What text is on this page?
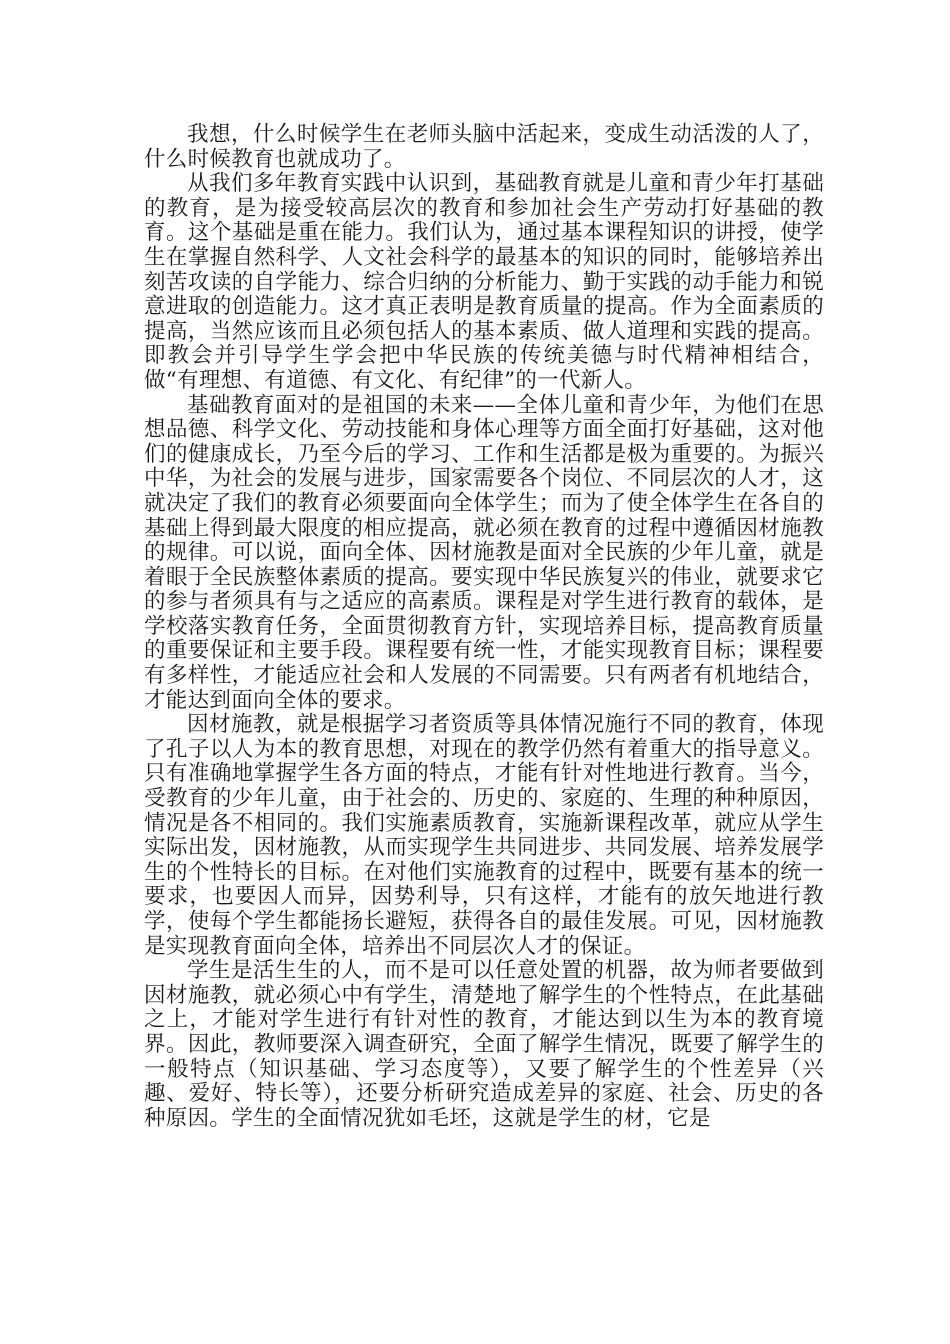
我想，什么时候学生在老师头脑中活起来，变成生动活泼的人了，什么时候教育也就成功了。

从我们多年教育实践中认识到，基础教育就是儿童和青少年打基础的教育，是为接受较高层次的教育和参加社会生产劳动打好基础的教育。这个基础是重在能力。我们认为，通过基本课程知识的讲授，使学生在掌握自然科学、人文社会科学的最基本的知识的同时，能够培养出刻苦攻读的自学能力、综合归纳的分析能力、勤于实践的动手能力和锐意进取的创造能力。这才真正表明是教育质量的提高。作为全面素质的提高，当然应该而且必须包括人的基本素质、做人道理和实践的提高。即教会并引导学生学会把中华民族的传统美德与时代精神相结合，做“有理想、有道德、有文化、有纪律”的一代新人。

基础教育面对的是祖国的未来——全体儿童和青少年，为他们在思想品德、科学文化、劳动技能和身体心理等方面全面打好基础，这对他们的健康成长，乃至今后的学习、工作和生活都是极为重要的。为振兴中华，为社会的发展与进步，国家需要各个岗位、不同层次的人才，这就决定了我们的教育必须要面向全体学生；而为了使全体学生在各自的基础上得到最大限度的相应提高，就必须在教育的过程中遵循因材施教的规律。可以说，面向全体、因材施教是面对全民族的少年儿童，就是着眼于全民族整体素质的提高。要实现中华民族复兴的伟业，就要求它的参与者须具有与之适应的高素质。课程是对学生进行教育的载体，是学校落实教育任务，全面贯彻教育方针，实现培养目标，提高教育质量的重要保证和主要手段。课程要有统一性，才能实现教育目标；课程要有多样性，才能适应社会和人发展的不同需要。只有两者有机地结合，才能达到面向全体的要求。

因材施教，就是根据学习者资质等具体情况施行不同的教育，体现了孔子以人为本的教育思想，对现在的教学仍然有着重大的指导意义。只有准确地掌握学生各方面的特点，才能有针对性地进行教育。当今，受教育的少年儿童，由于社会的、历史的、家庭的、生理的种种原因，情况是各不相同的。我们实施素质教育，实施新课程改革，就应从学生实际出发，因材施教，从而实现学生共同进步、共同发展、培养发展学生的个性特长的目标。在对他们实施教育的过程中，既要有基本的统一要求，也要因人而异，因势利导，只有这样，才能有的放矢地进行教学，使每个学生都能扬长避短，获得各自的最佳发展。可见，因材施教是实现教育面向全体，培养出不同层次人才的保证。

学生是活生生的人，而不是可以任意处置的机器，故为师者要做到因材施教，就必须心中有学生，清楚地了解学生的个性特点，在此基础之上，才能对学生进行有针对性的教育，才能达到以生为本的教育境界。因此，教师要深入调查研究，全面了解学生情况，既要了解学生的一般特点（知识基础、学习态度等），又要了解学生的个性差异（兴趣、爱好、特长等），还要分析研究造成差异的家庭、社会、历史的各种原因。学生的全面情况犹如毛坯，这就是学生的材，它是
